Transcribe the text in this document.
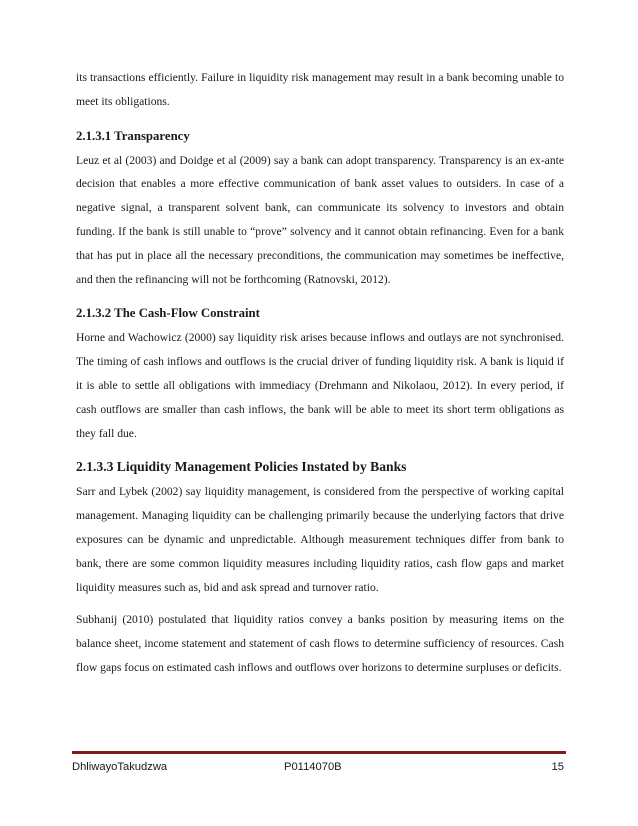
its transactions efficiently. Failure in liquidity risk management may result in a bank becoming unable to meet its obligations.

2.1.3.1 Transparency

Leuz et al (2003) and Doidge et al (2009) say a bank can adopt transparency. Transparency is an ex-ante decision that enables a more effective communication of bank asset values to outsiders. In case of a negative signal, a transparent solvent bank, can communicate its solvency to investors and obtain funding. If the bank is still unable to “prove” solvency and it cannot obtain refinancing. Even for a bank that has put in place all the necessary preconditions, the communication may sometimes be ineffective, and then the refinancing will not be forthcoming (Ratnovski, 2012).

2.1.3.2 The Cash-Flow Constraint

Horne and Wachowicz (2000) say liquidity risk arises because inflows and outlays are not synchronised. The timing of cash inflows and outflows is the crucial driver of funding liquidity risk. A bank is liquid if it is able to settle all obligations with immediacy (Drehmann and Nikolaou, 2012). In every period, if cash outflows are smaller than cash inflows, the bank will be able to meet its short term obligations as they fall due.

2.1.3.3 Liquidity Management Policies Instated by Banks

Sarr and Lybek (2002) say liquidity management, is considered from the perspective of working capital management. Managing liquidity can be challenging primarily because the underlying factors that drive exposures can be dynamic and unpredictable. Although measurement techniques differ from bank to bank, there are some common liquidity measures including liquidity ratios, cash flow gaps and market liquidity measures such as, bid and ask spread and turnover ratio.

Subhanij (2010) postulated that liquidity ratios convey a banks position by measuring items on the balance sheet, income statement and statement of cash flows to determine sufficiency of resources. Cash flow gaps focus on estimated cash inflows and outflows over horizons to determine surpluses or deficits.

DhliwayoTakudzwa	P0114070B	15
